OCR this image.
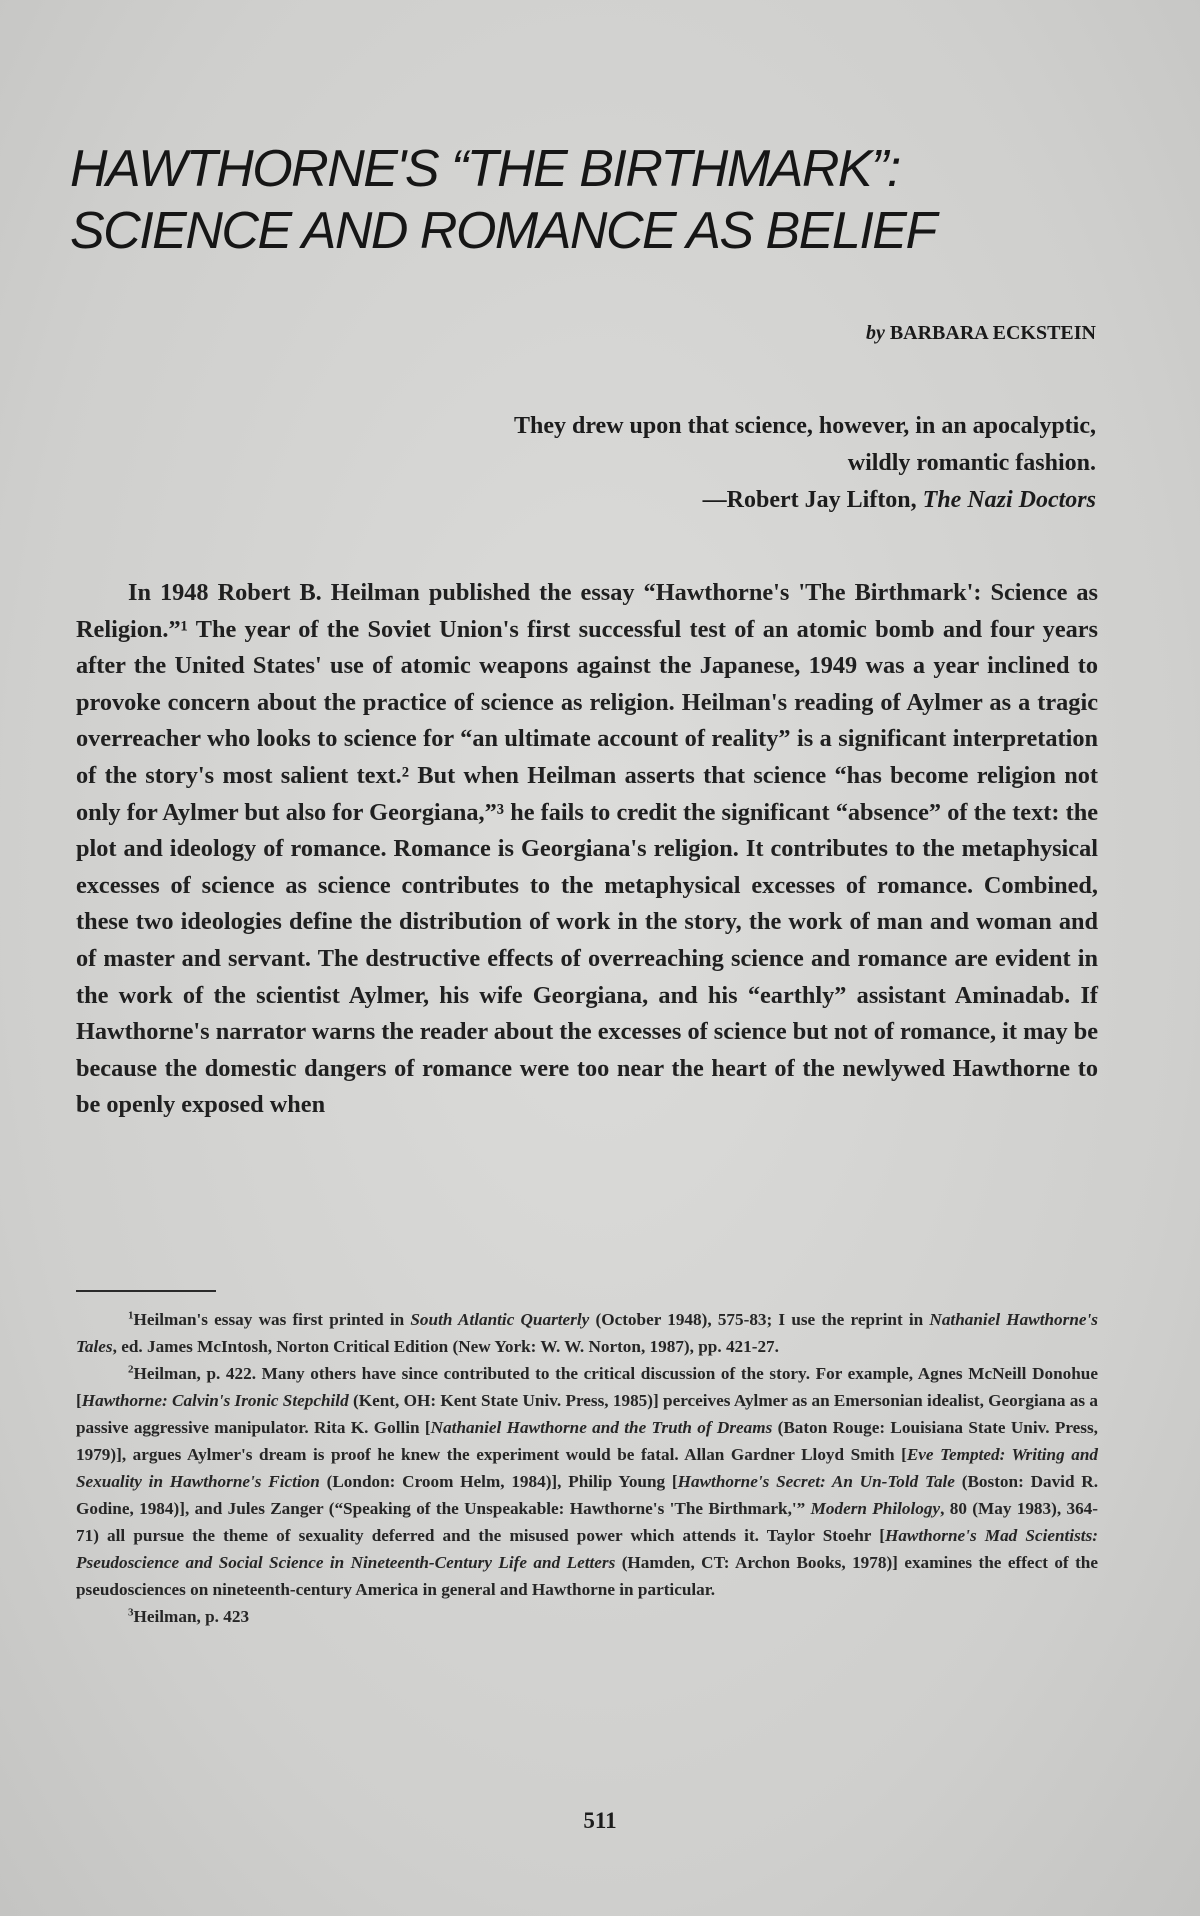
HAWTHORNE'S “THE BIRTHMARK”:
SCIENCE AND ROMANCE AS BELIEF
by BARBARA ECKSTEIN
They drew upon that science, however, in an apocalyptic,
wildly romantic fashion.
—Robert Jay Lifton, The Nazi Doctors

In 1948 Robert B. Heilman published the essay “Hawthorne's 'The Birthmark': Science as Religion.”¹ The year of the Soviet Union's first successful test of an atomic bomb and four years after the United States' use of atomic weapons against the Japanese, 1949 was a year inclined to provoke concern about the practice of science as religion. Heilman's reading of Aylmer as a tragic overreacher who looks to science for “an ultimate account of reality” is a significant interpretation of the story's most salient text.² But when Heilman asserts that science “has become religion not only for Aylmer but also for Georgiana,”³ he fails to credit the significant “absence” of the text: the plot and ideology of romance. Romance is Georgiana's religion. It contributes to the metaphysical excesses of science as science contributes to the metaphysical excesses of romance. Combined, these two ideologies define the distribution of work in the story, the work of man and woman and of master and servant. The destructive effects of overreaching science and romance are evident in the work of the scientist Aylmer, his wife Georgiana, and his “earthly” assistant Aminadab. If Hawthorne's narrator warns the reader about the excesses of science but not of romance, it may be because the domestic dangers of romance were too near the heart of the newlywed Hawthorne to be openly exposed when

$^1$Heilman's essay was first printed in South Atlantic Quarterly (October 1948), 575-83; I use the reprint in Nathaniel Hawthorne's Tales, ed. James McIntosh, Norton Critical Edition (New York: W. W. Norton, 1987), pp. 421-27.

$^2$Heilman, p. 422. Many others have since contributed to the critical discussion of the story. For example, Agnes McNeill Donohue [Hawthorne: Calvin's Ironic Stepchild (Kent, OH: Kent State Univ. Press, 1985)] perceives Aylmer as an Emersonian idealist, Georgiana as a passive aggressive manipulator. Rita K. Gollin [Nathaniel Hawthorne and the Truth of Dreams (Baton Rouge: Louisiana State Univ. Press, 1979)], argues Aylmer's dream is proof he knew the experiment would be fatal. Allan Gardner Lloyd Smith [Eve Tempted: Writing and Sexuality in Hawthorne's Fiction (London: Croom Helm, 1984)], Philip Young [Hawthorne's Secret: An Un-Told Tale (Boston: David R. Godine, 1984)], and Jules Zanger (“Speaking of the Unspeakable: Hawthorne's 'The Birthmark,'” Modern Philology, 80 (May 1983), 364-71) all pursue the theme of sexuality deferred and the misused power which attends it. Taylor Stoehr [Hawthorne's Mad Scientists: Pseudoscience and Social Science in Nineteenth-Century Life and Letters (Hamden, CT: Archon Books, 1978)] examines the effect of the pseudosciences on nineteenth-century America in general and Hawthorne in particular.

$^3$Heilman, p. 423

511
